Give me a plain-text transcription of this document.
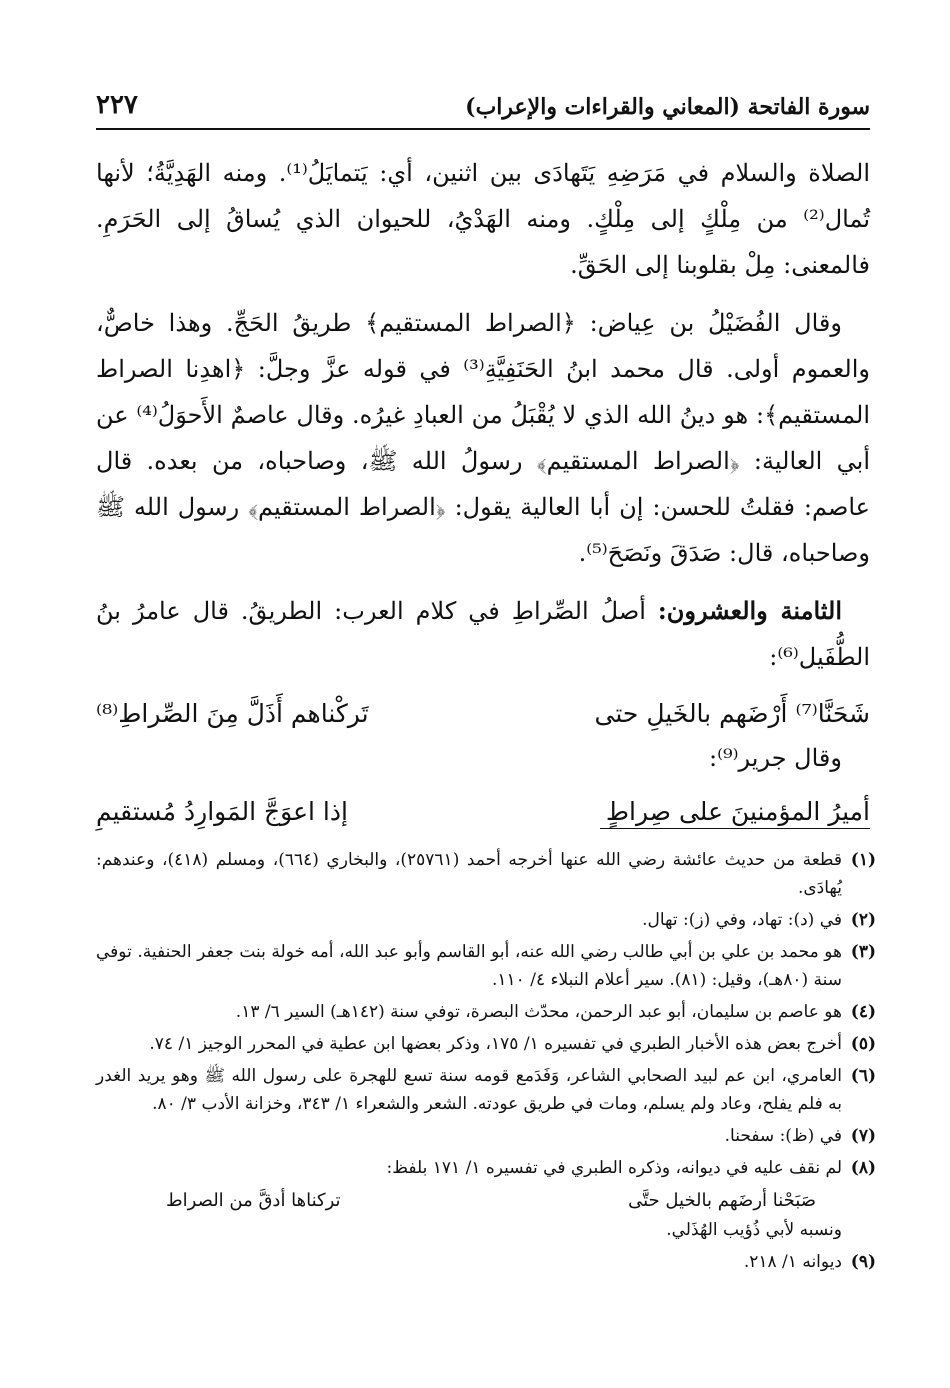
سورة الفاتحة (المعاني والقراءات والإعراب)
٢٢٧

الصلاة والسلام في مَرَضِهِ يَتَهادَى بين اثنين، أي: يَتمايَلُ⁽¹⁾. ومنه الهَدِيَّةُ؛ لأنها تُمال⁽²⁾ من مِلْكٍ إلى مِلْكٍ. ومنه الهَدْيُ، للحيوان الذي يُساقُ إلى الحَرَمِ. فالمعنى: مِلْ بقلوبنا إلى الحَقِّ.

وقال الفُضَيْلُ بن عِياض: ﴿الصراط المستقيم﴾ طريقُ الحَجِّ. وهذا خاصٌّ، والعموم أولى. قال محمد ابنُ الحَنَفِيَّةِ⁽³⁾ في قوله عزَّ وجلَّ: ﴿اهدِنا الصراط المستقيم﴾: هو دينُ الله الذي لا يُقْبَلُ من العبادِ غيرُه. وقال عاصمٌ الأَحوَلُ⁽⁴⁾ عن أبي العالية: ﴿الصراط المستقيم﴾ رسولُ الله ﷺ، وصاحباه، من بعده. قال عاصم: فقلتُ للحسن: إن أبا العالية يقول: ﴿الصراط المستقيم﴾ رسول الله ﷺ وصاحباه، قال: صَدَقَ ونَصَحَ⁽⁵⁾.

الثامنة والعشرون: أصلُ الصِّراطِ في كلام العرب: الطريقُ. قال عامرُ بنُ الطُّفَيل⁽⁶⁾:

شَحَنَّا⁽⁷⁾ أَرْضَهم بالخَيلِ حتى
تَركْناهم أَذَلَّ مِنَ الصِّراطِ⁽⁸⁾

وقال جرير⁽⁹⁾:

أميرُ المؤمنينَ على صِراطٍ
إذا اعوَجَّ المَوارِدُ مُستقيمِ
(١)
قطعة من حديث عائشة رضي الله عنها أخرجه أحمد (٢٥٧٦١)، والبخاري (٦٦٤)، ومسلم (٤١٨)، وعندهم: يُهادَى.
(٢)
في (د): تهاد، وفي (ز): تهال.
(٣)
هو محمد بن علي بن أبي طالب رضي الله عنه، أبو القاسم وأبو عبد الله، أمه خولة بنت جعفر الحنفية. توفي سنة (٨٠هـ)، وقيل: (٨١). سير أعلام النبلاء ٤/ ١١٠.
(٤)
هو عاصم بن سليمان، أبو عبد الرحمن، محدّث البصرة، توفي سنة (١٤٢هـ) السير ٦/ ١٣.
(٥)
أخرج بعض هذه الأخبار الطبري في تفسيره ١/ ١٧٥، وذكر بعضها ابن عطية في المحرر الوجيز ١/ ٧٤.
(٦)
العامري، ابن عم لبيد الصحابي الشاعر، وَفَدَمع قومه سنة تسع للهجرة على رسول الله ﷺ وهو يريد الغدر به فلم يفلح، وعاد ولم يسلم، ومات في طريق عودته. الشعر والشعراء ١/ ٣٤٣، وخزانة الأدب ٣/ ٨٠.
(٧)
في (ظ): سفحنا.
(٨)
لم نقف عليه في ديوانه، وذكره الطبري في تفسيره ١/ ١٧١ بلفظ:
صَبَحْنا أرضَهم بالخيل حتَّى
تركناها أدقَّ من الصراط
ونسبه لأبي ذُؤيب الهُذَلي.
(٩)
ديوانه ١/ ٢١٨.
